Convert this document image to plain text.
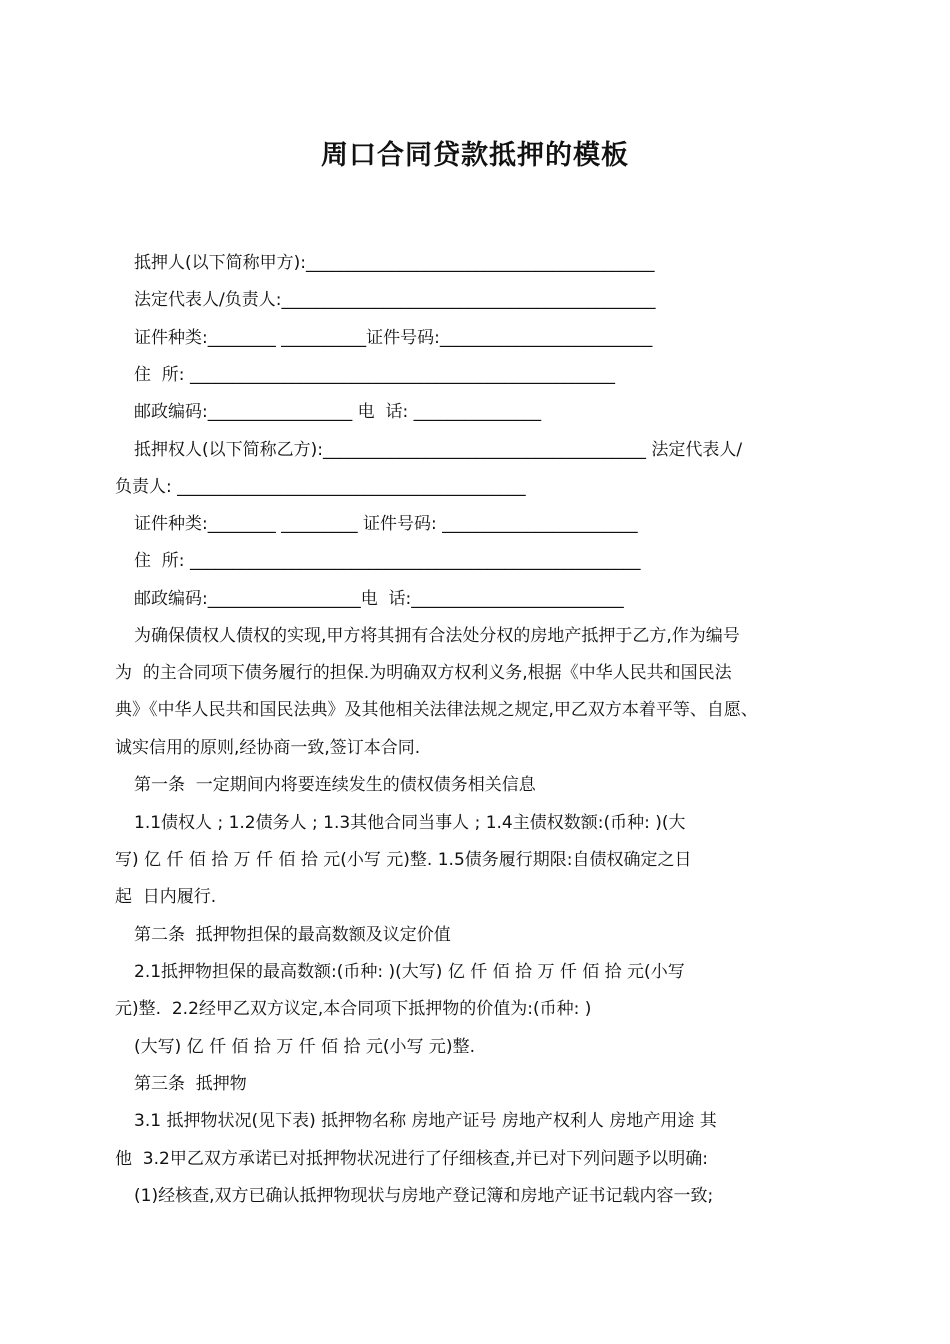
周口合同贷款抵押的模板
抵押人(以下简称甲方):_________________________________________
法定代表人/负责人:____________________________________________
证件种类:________ __________证件号码:_________________________
住  所: __________________________________________________
邮政编码:_________________ 电  话: _______________
抵押权人(以下简称乙方):______________________________________ 法定代表人/
负责人: _________________________________________
证件种类:________ _________ 证件号码: _______________________
住  所: _____________________________________________________
邮政编码:__________________电  话:_________________________
为确保债权人债权的实现,甲方将其拥有合法处分权的房地产抵押于乙方,作为编号
为  的主合同项下债务履行的担保.为明确双方权利义务,根据《中华人民共和国民法
典》《中华人民共和国民法典》及其他相关法律法规之规定,甲乙双方本着平等、自愿、
诚实信用的原则,经协商一致,签订本合同.
第一条  一定期间内将要连续发生的债权债务相关信息
1.1债权人 ; 1.2债务人 ; 1.3其他合同当事人 ; 1.4主债权数额:(币种: )(大
写) 亿 仟 佰 拾 万 仟 佰 拾 元(小写 元)整. 1.5债务履行期限:自债权确定之日
起  日内履行.
第二条  抵押物担保的最高数额及议定价值
2.1抵押物担保的最高数额:(币种: )(大写) 亿 仟 佰 拾 万 仟 佰 拾 元(小写
元)整.  2.2经甲乙双方议定,本合同项下抵押物的价值为:(币种: )
(大写) 亿 仟 佰 拾 万 仟 佰 拾 元(小写 元)整.
第三条  抵押物
3.1 抵押物状况(见下表) 抵押物名称 房地产证号 房地产权利人 房地产用途 其
他  3.2甲乙双方承诺已对抵押物状况进行了仔细核查,并已对下列问题予以明确:
(1)经核查,双方已确认抵押物现状与房地产登记簿和房地产证书记载内容一致;
